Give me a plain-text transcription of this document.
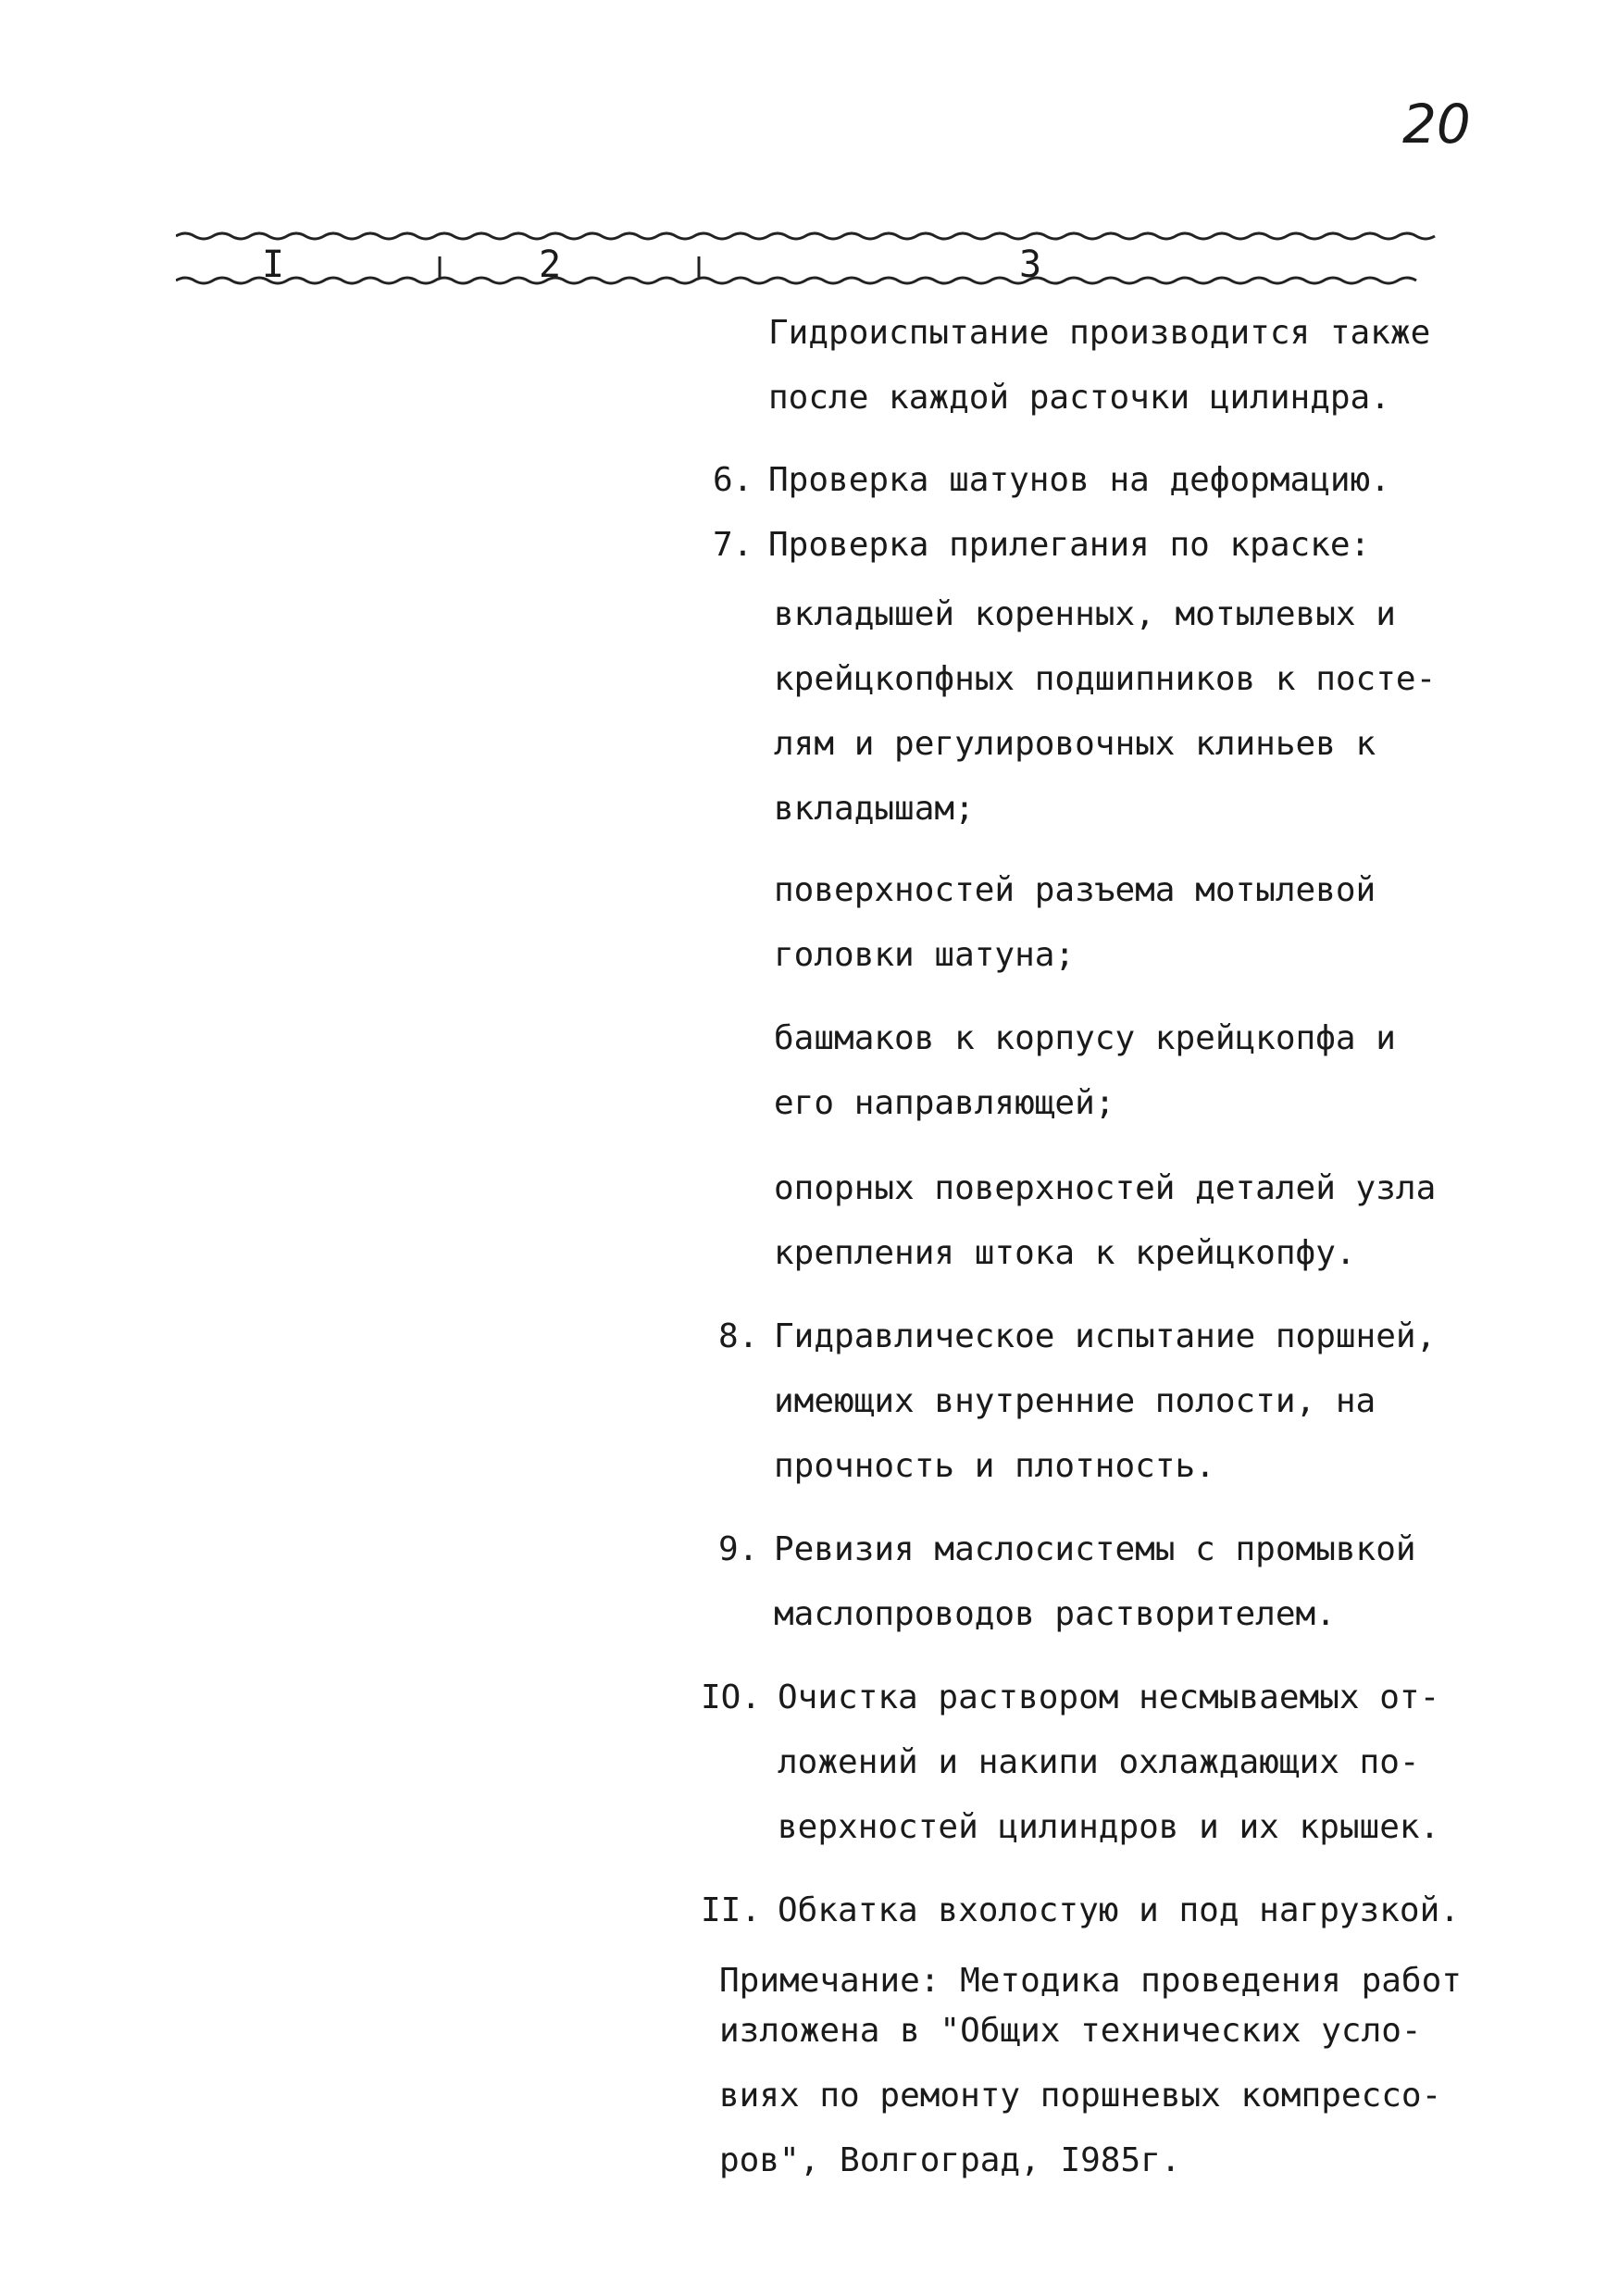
20
I	2	3
Гидроиспытание производится также
после каждой расточки цилиндра.
6. Проверка шатунов на деформацию.
7. Проверка прилегания по краске:
вкладышей коренных, мотылевых и
крейцкопфных подшипников к посте-
лям и регулировочных клиньев к
вкладышам;
поверхностей разъема мотылевой
головки шатуна;
башмаков к корпусу крейцкопфа и
его направляющей;
опорных поверхностей деталей узла
крепления штока к крейцкопфу.
8. Гидравлическое испытание поршней,
имеющих внутренние полости, на
прочность и плотность.
9. Ревизия маслосистемы с промывкой
маслопроводов растворителем.
IO. Очистка раствором несмываемых от-
ложений и накипи охлаждающих по-
верхностей цилиндров и их крышек.
II. Обкатка вхолостую и под нагрузкой.
Примечание: Методика проведения работ
изложена в "Общих технических усло-
виях по ремонту поршневых компрессо-
ров", Волгоград, I985г.
